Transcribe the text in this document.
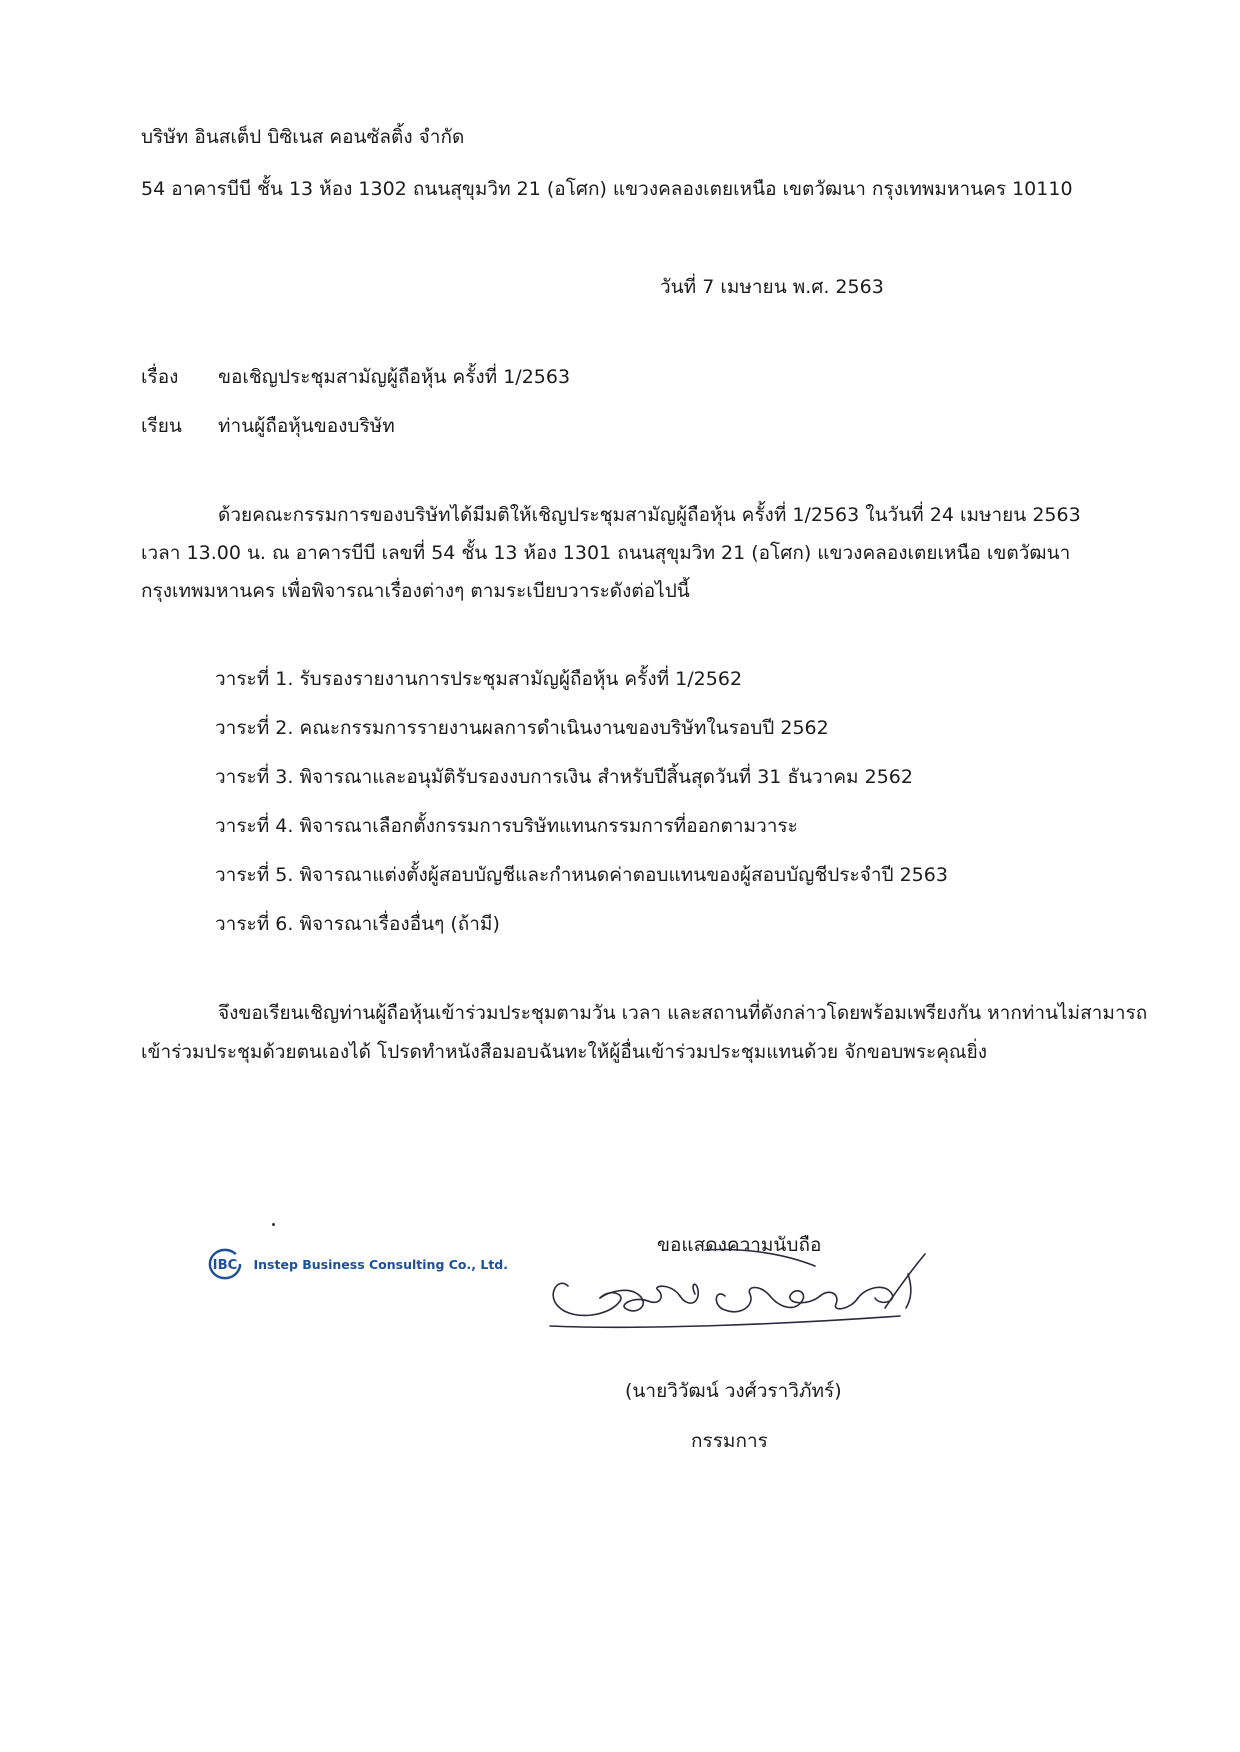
บริษัท อินสเต็ป บิซิเนส คอนซัลติ้ง จำกัด
54 อาคารบีบี ชั้น 13 ห้อง 1302 ถนนสุขุมวิท 21 (อโศก) แขวงคลองเตยเหนือ เขตวัฒนา กรุงเทพมหานคร 10110
วันที่ 7 เมษายน พ.ศ. 2563
เรื่อง ขอเชิญประชุมสามัญผู้ถือหุ้น ครั้งที่ 1/2563
เรียน ท่านผู้ถือหุ้นของบริษัท
ด้วยคณะกรรมการของบริษัทได้มีมติให้เชิญประชุมสามัญผู้ถือหุ้น ครั้งที่ 1/2563 ในวันที่ 24 เมษายน 2563
เวลา 13.00 น. ณ อาคารบีบี เลขที่ 54 ชั้น 13 ห้อง 1301 ถนนสุขุมวิท 21 (อโศก) แขวงคลองเตยเหนือ เขตวัฒนา
กรุงเทพมหานคร เพื่อพิจารณาเรื่องต่างๆ ตามระเบียบวาระดังต่อไปนี้
วาระที่ 1. รับรองรายงานการประชุมสามัญผู้ถือหุ้น ครั้งที่ 1/2562
วาระที่ 2. คณะกรรมการรายงานผลการดำเนินงานของบริษัทในรอบปี 2562
วาระที่ 3. พิจารณาและอนุมัติรับรองงบการเงิน สำหรับปีสิ้นสุดวันที่ 31 ธันวาคม 2562
วาระที่ 4. พิจารณาเลือกตั้งกรรมการบริษัทแทนกรรมการที่ออกตามวาระ
วาระที่ 5. พิจารณาแต่งตั้งผู้สอบบัญชีและกำหนดค่าตอบแทนของผู้สอบบัญชีประจำปี 2563
วาระที่ 6. พิจารณาเรื่องอื่นๆ (ถ้ามี)
จึงขอเรียนเชิญท่านผู้ถือหุ้นเข้าร่วมประชุมตามวัน เวลา และสถานที่ดังกล่าวโดยพร้อมเพรียงกัน หากท่านไม่สามารถ
เข้าร่วมประชุมด้วยตนเองได้ โปรดทำหนังสือมอบฉันทะให้ผู้อื่นเข้าร่วมประชุมแทนด้วย จักขอบพระคุณยิ่ง
IBC Instep Business Consulting Co., Ltd.
ขอแสดงความนับถือ
(นายวิวัฒน์ วงศ์วราวิภัทร์)
กรรมการ
